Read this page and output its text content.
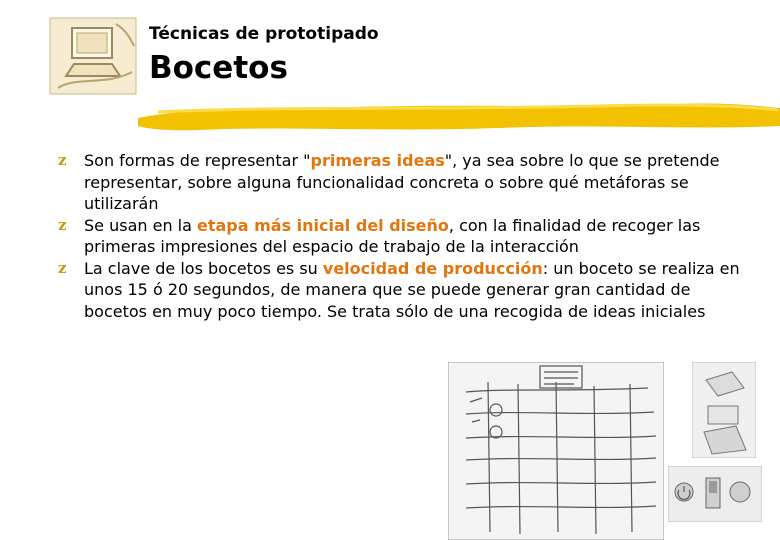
Técnicas de prototipado
Bocetos
z Son formas de representar "primeras ideas", ya sea sobre lo que se pretende representar, sobre alguna funcionalidad concreta o sobre qué metáforas se utilizarán
z Se usan en la etapa más inicial del diseño, con la finalidad de recoger las primeras impresiones del espacio de trabajo de la interacción
z La clave de los bocetos es su velocidad de producción: un boceto se realiza en unos 15 ó 20 segundos, de manera que se puede generar gran cantidad de bocetos en muy poco tiempo. Se trata sólo de una recogida de ideas iniciales
